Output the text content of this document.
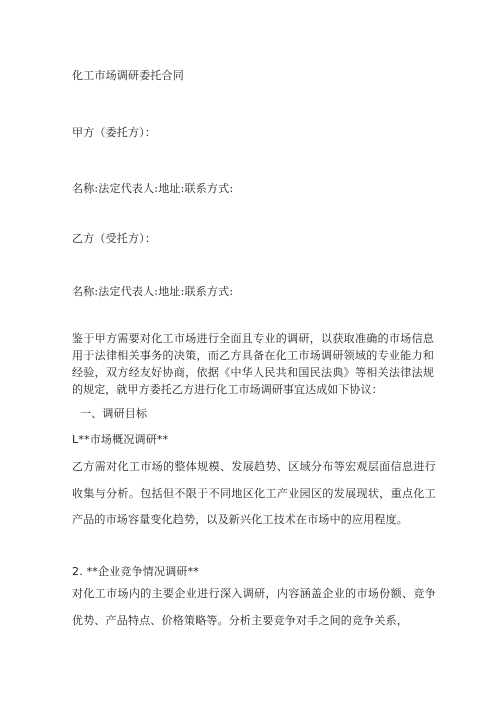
化工市场调研委托合同
甲方（委托方）：
名称:法定代表人:地址:联系方式:
乙方（受托方）：
名称:法定代表人:地址:联系方式:
鉴于甲方需要对化工市场进行全面且专业的调研，以获取准确的市场信息用于法律相关事务的决策，而乙方具备在化工市场调研领域的专业能力和经验，双方经友好协商，依据《中华人民共和国民法典》等相关法律法规的规定，就甲方委托乙方进行化工市场调研事宜达成如下协议：
一、调研目标
L**市场概况调研**
乙方需对化工市场的整体规模、发展趋势、区域分布等宏观层面信息进行收集与分析。包括但不限于不同地区化工产业园区的发展现状，重点化工产品的市场容量变化趋势，以及新兴化工技术在市场中的应用程度。
2. **企业竞争情况调研**
对化工市场内的主要企业进行深入调研，内容涵盖企业的市场份额、竞争优势、产品特点、价格策略等。分析主要竞争对手之间的竞争关系，
